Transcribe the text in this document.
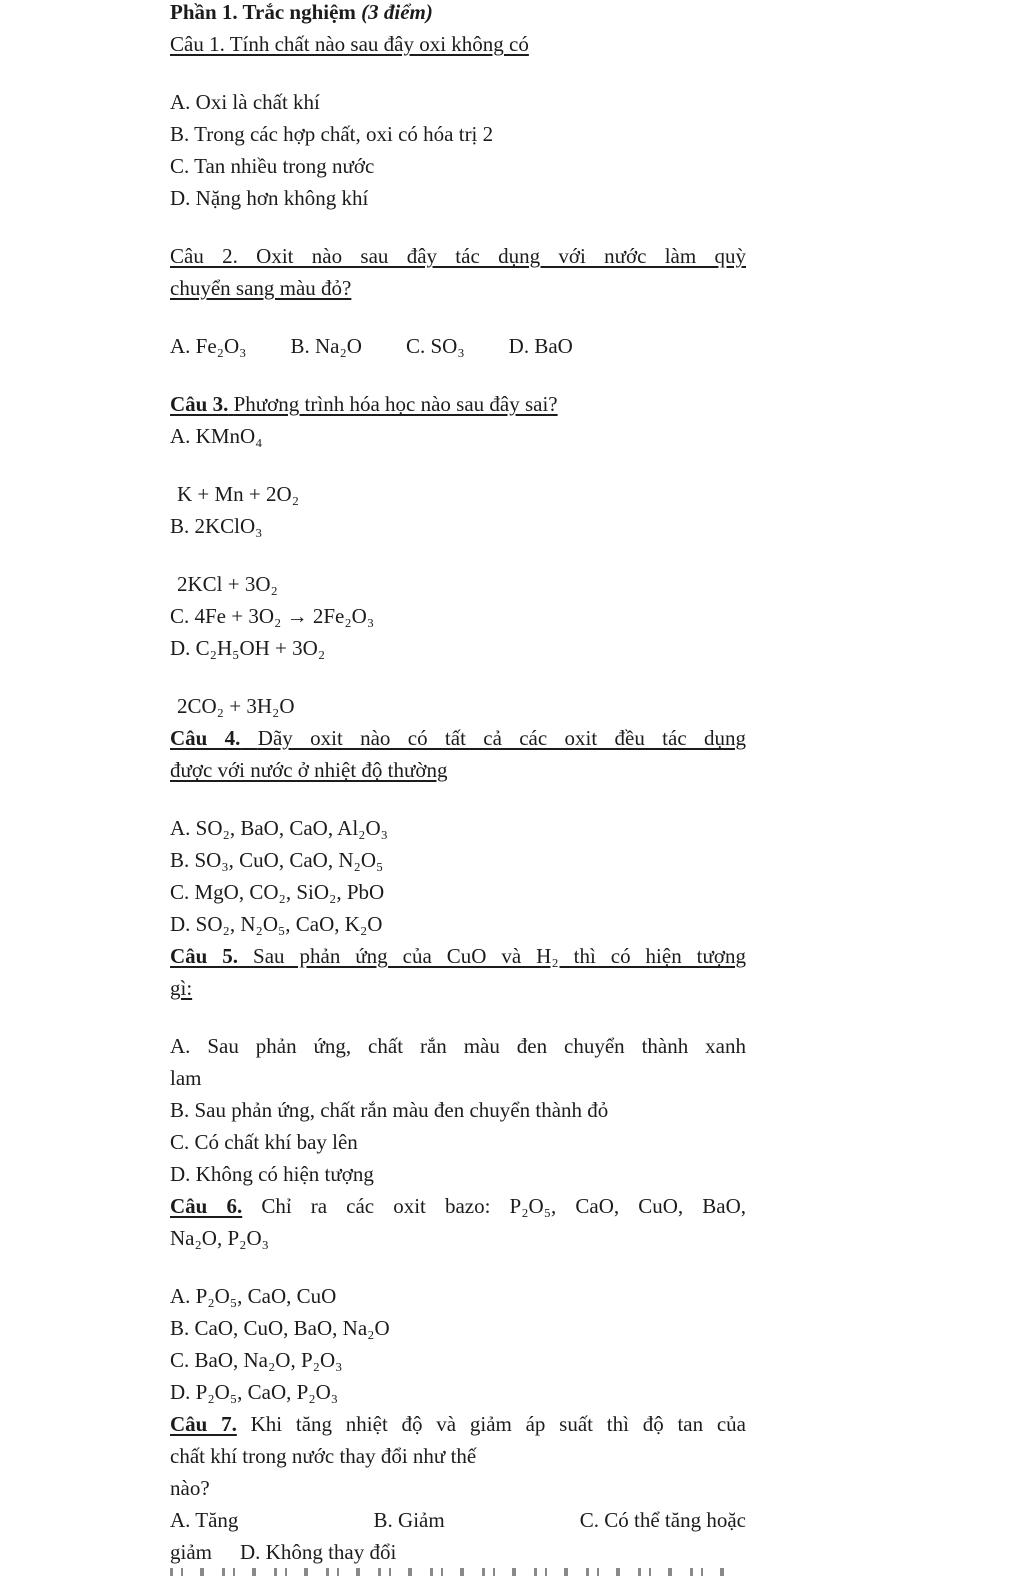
Phần 1. Trắc nghiệm (3 điểm)

Câu 1. Tính chất nào sau đây oxi không có

A. Oxi là chất khí

B. Trong các hợp chất, oxi có hóa trị 2

C. Tan nhiều trong nước

D. Nặng hơn không khí

Câu 2. Oxit nào sau đây tác dụng với nước làm quỳ

chuyển sang màu đỏ?

A. Fe₂O₃ B. Na₂O C. SO₃ D. BaO

Câu 3. Phương trình hóa học nào sau đây sai?

A. KMnO₄

K + Mn + 2O₂

B. 2KClO₃

2KCl + 3O₂

C. 4Fe + 3O₂ → 2Fe₂O₃

D. C₂H₅OH + 3O₂

2CO₂ + 3H₂O

Câu 4. Dãy oxit nào có tất cả các oxit đều tác dụng

được với nước ở nhiệt độ thường

A. SO₂, BaO, CaO, Al₂O₃

B. SO₃, CuO, CaO, N₂O₅

C. MgO, CO₂, SiO₂, PbO

D. SO₂, N₂O₅, CaO, K₂O

Câu 5. Sau phản ứng của CuO và H₂ thì có hiện tượng

gì:

A. Sau phản ứng, chất rắn màu đen chuyển thành xanh

lam

B. Sau phản ứng, chất rắn màu đen chuyển thành đỏ

C. Có chất khí bay lên

D. Không có hiện tượng

Câu 6. Chỉ ra các oxit bazo: P₂O₅, CaO, CuO, BaO,

Na₂O, P₂O₃

A. P₂O₅, CaO, CuO

B. CaO, CuO, BaO, Na₂O

C. BaO, Na₂O, P₂O₃

D. P₂O₅, CaO, P₂O₃

Câu 7. Khi tăng nhiệt độ và giảm áp suất thì độ tan của

chất khí trong nước thay đổi như thế

nào?

A. Tăng	B. Giảm	C. Có thể tăng hoặc

giảm D. Không thay đổi
